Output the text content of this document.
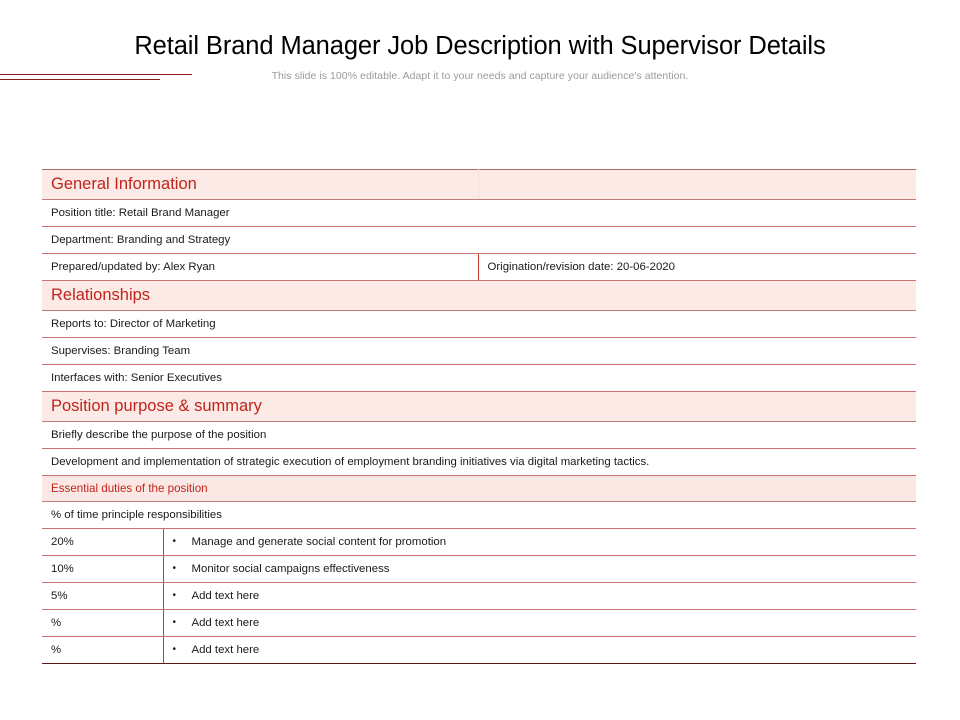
Retail Brand Manager Job Description with Supervisor Details
This slide is 100% editable. Adapt it to your needs and capture your audience's attention.
General Information		
Position title: Retail Brand Manager		
Department: Branding and Strategy		
Prepared/updated by: Alex Ryan		Origination/revision date: 20-06-2020
Relationships		
Reports to: Director of Marketing		
Supervises: Branding Team		
Interfaces with: Senior Executives		
Position purpose & summary		
Briefly describe the purpose of the position		
Development and implementation of strategic execution of employment branding initiatives via digital marketing tactics.		
Essential duties of the position		
% of time principle responsibilities		
20%	• Manage and generate social content for promotion	
10%	• Monitor social campaigns effectiveness	
5%	• Add text here	
%	• Add text here	
%	• Add text here	
